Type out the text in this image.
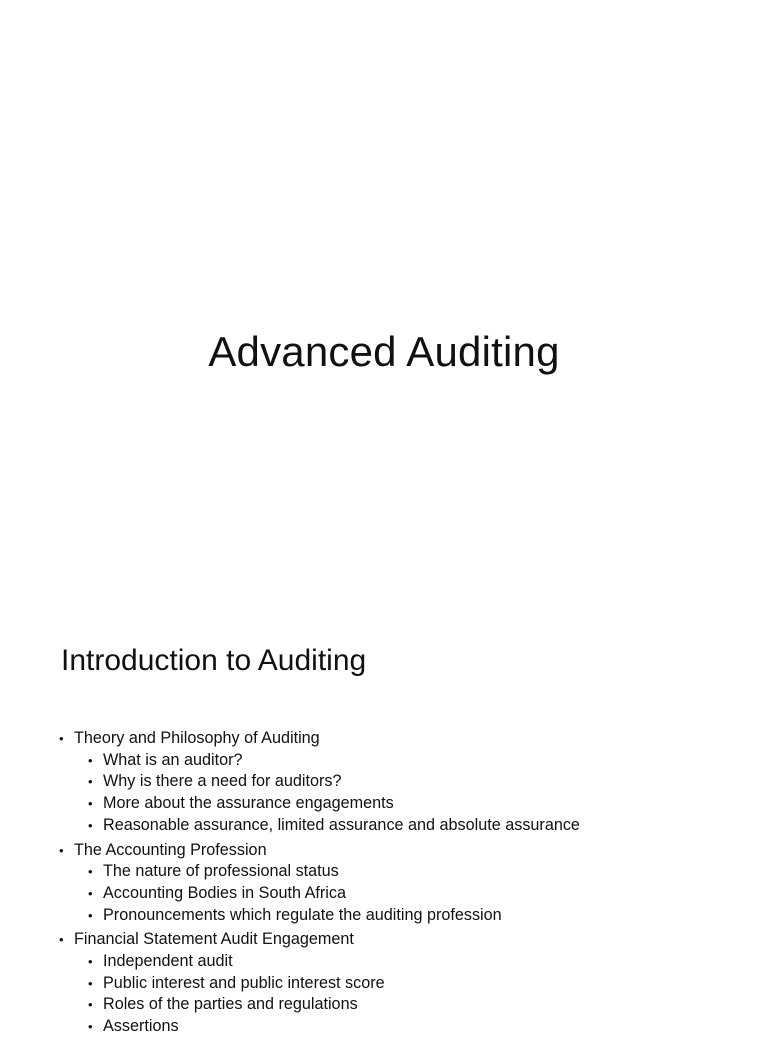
Advanced Auditing
Introduction to Auditing
• Theory and Philosophy of Auditing
• What is an auditor?
• Why is there a need for auditors?
• More about the assurance engagements
• Reasonable assurance, limited assurance and absolute assurance
• The Accounting Profession
• The nature of professional status
• Accounting Bodies in South Africa
• Pronouncements which regulate the auditing profession
• Financial Statement Audit Engagement
• Independent audit
• Public interest and public interest score
• Roles of the parties and regulations
• Assertions
